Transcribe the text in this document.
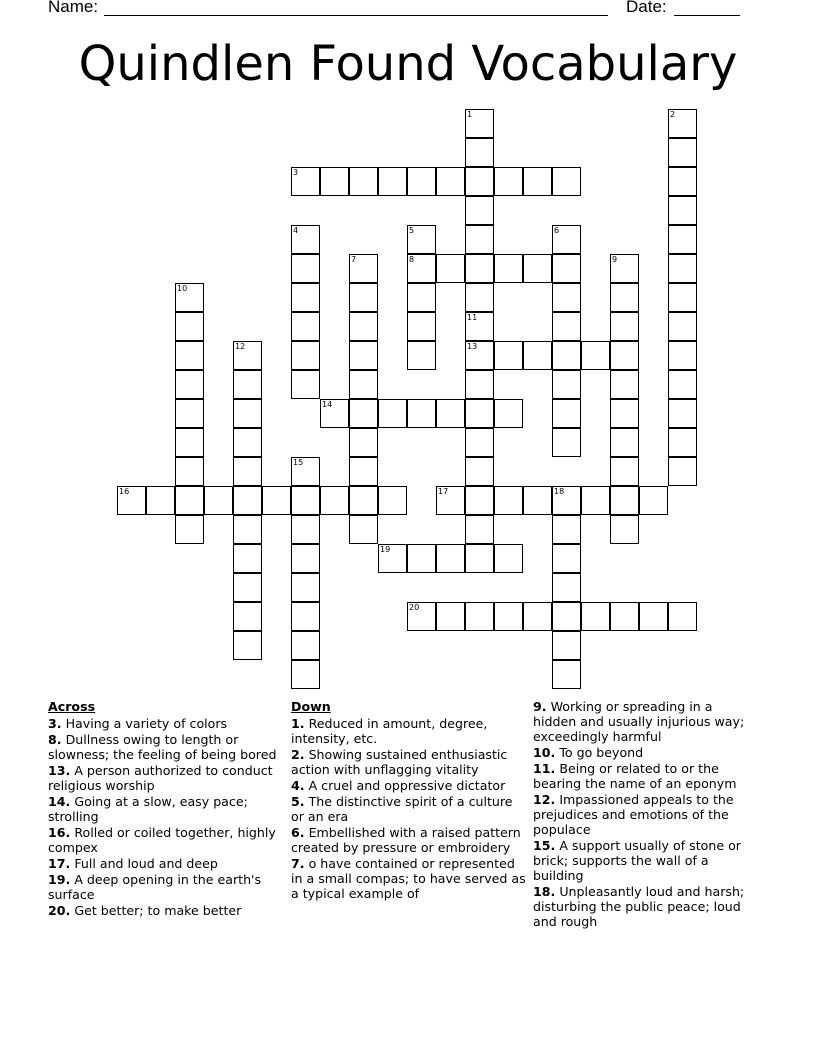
Name:	Date:
Quindlen Found Vocabulary
1
11
2
3
4	5
8
6
7	9
10
13
12
14
15
16	17	18
19
20
Across
3. Having a variety of colors
8. Dullness owing to length or slowness; the feeling of being bored
13. A person authorized to conduct religious worship
14. Going at a slow, easy pace; strolling
16. Rolled or coiled together, highly compex
17. Full and loud and deep
19. A deep opening in the earth's surface
20. Get better; to make better
Down
1. Reduced in amount, degree, intensity, etc.
2. Showing sustained enthusiastic action with unflagging vitality
4. A cruel and oppressive dictator
5. The distinctive spirit of a culture or an era
6. Embellished with a raised pattern created by pressure or embroidery
7. o have contained or represented in a small compas; to have served as a typical example of
9. Working or spreading in a hidden and usually injurious way; exceedingly harmful
10. To go beyond
11. Being or related to or the bearing the name of an eponym
12. Impassioned appeals to the prejudices and emotions of the populace
15. A support usually of stone or brick; supports the wall of a building
18. Unpleasantly loud and harsh; disturbing the public peace; loud and rough
